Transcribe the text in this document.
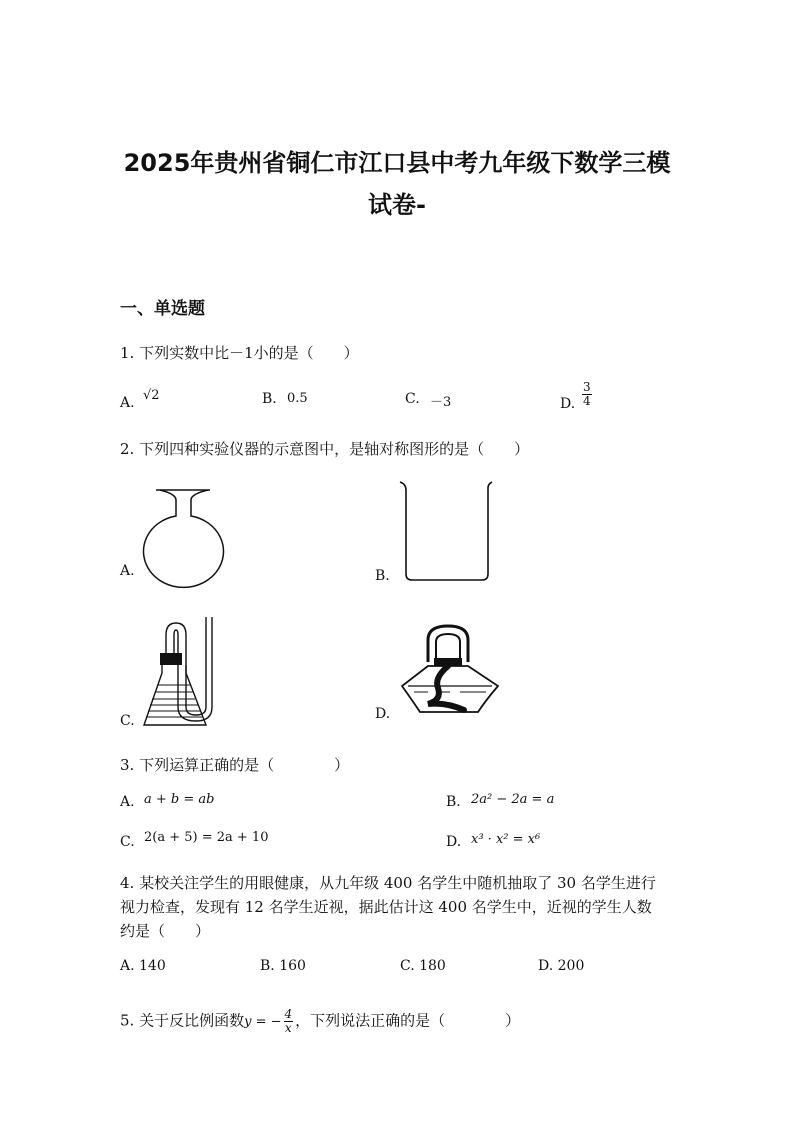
2025年贵州省铜仁市江口县中考九年级下数学三模
试卷-
一、单选题
1. 下列实数中比－1小的是（　　）
A. √2	B. 0.5	C. －3	D. $\frac{3}{4}$
2. 下列四种实验仪器的示意图中，是轴对称图形的是（　　）
A.	B.
C.	D.
3. 下列运算正确的是（　　　　）
A. a + b = ab	B. 2a² − 2a = a
C. 2(a + 5) = 2a + 10	D. x³ · x² = x⁶
4. 某校关注学生的用眼健康，从九年级 400 名学生中随机抽取了 30 名学生进行
视力检查，发现有 12 名学生近视，据此估计这 400 名学生中，近视的学生人数
约是（　　）
A. 140	B. 160	C. 180	D. 200
5. 关于反比例函数y = − $\frac{4}{x}$ ，下列说法正确的是（　　　　）
